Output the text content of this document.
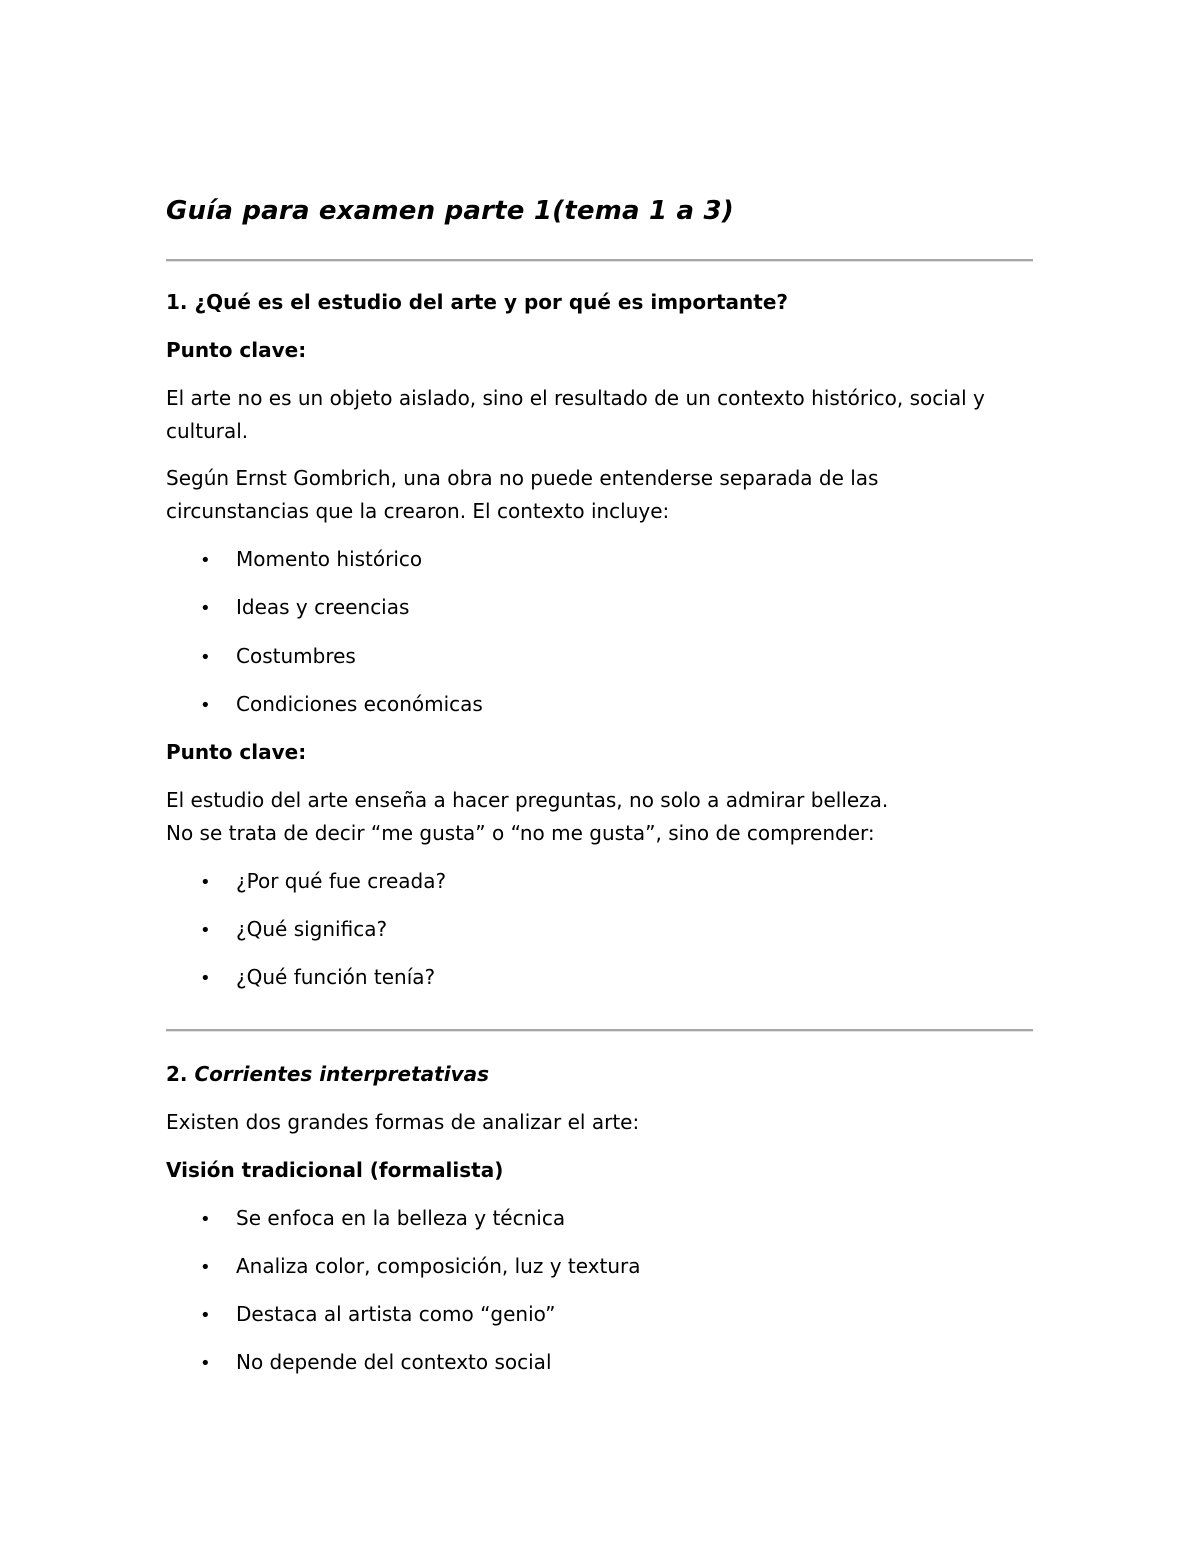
Guía para examen parte 1(tema 1 a 3)

1. ¿Qué es el estudio del arte y por qué es importante?

Punto clave:

El arte no es un objeto aislado, sino el resultado de un contexto histórico, social y cultural.

Según Ernst Gombrich, una obra no puede entenderse separada de las circunstancias que la crearon. El contexto incluye:

• Momento histórico

• Ideas y creencias

• Costumbres

• Condiciones económicas

Punto clave:

El estudio del arte enseña a hacer preguntas, no solo a admirar belleza.

No se trata de decir “me gusta” o “no me gusta”, sino de comprender:

• ¿Por qué fue creada?

• ¿Qué significa?

• ¿Qué función tenía?

2. Corrientes interpretativas

Existen dos grandes formas de analizar el arte:

Visión tradicional (formalista)

• Se enfoca en la belleza y técnica

• Analiza color, composición, luz y textura

• Destaca al artista como “genio”

• No depende del contexto social
